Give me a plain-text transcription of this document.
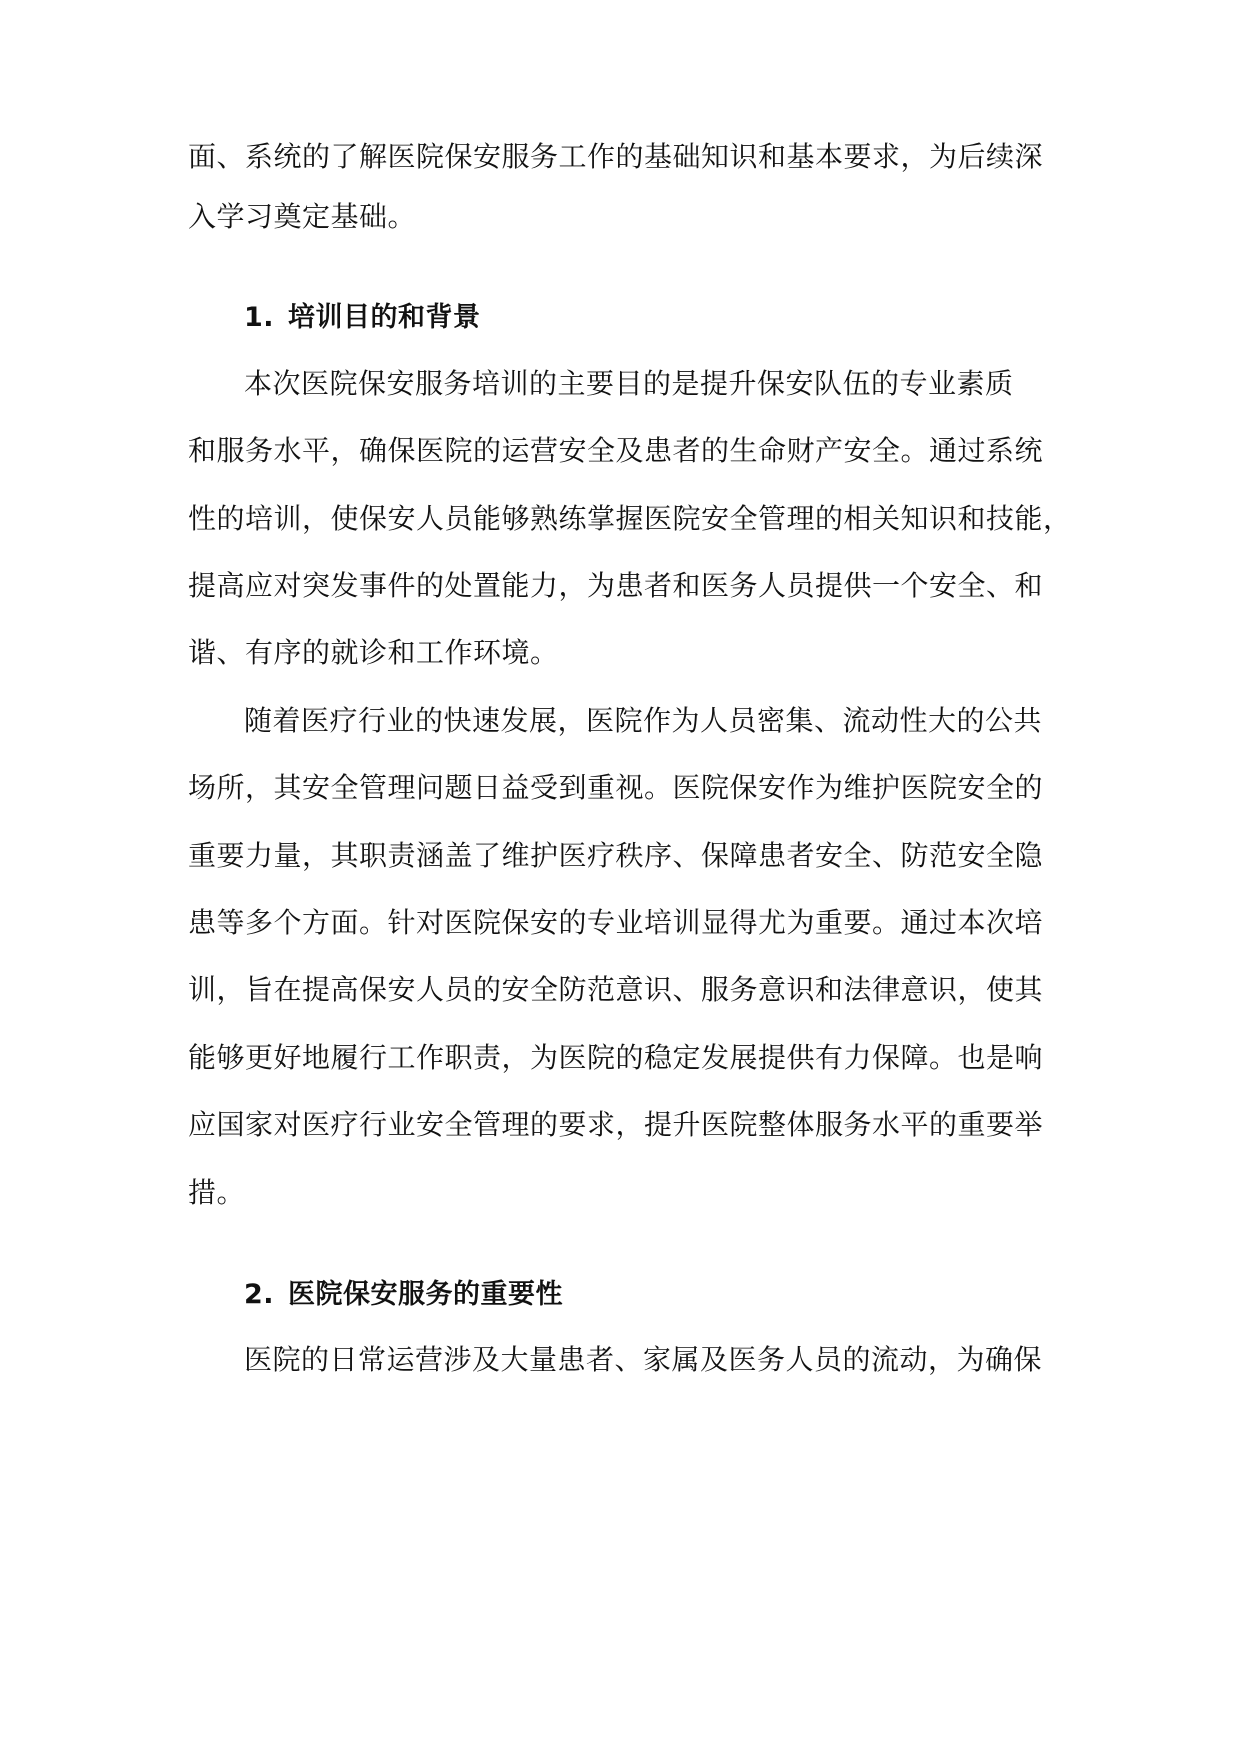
面、系统的了解医院保安服务工作的基础知识和基本要求，为后续深
入学习奠定基础。
1. 培训目的和背景
本次医院保安服务培训的主要目的是提升保安队伍的专业素质
和服务水平，确保医院的运营安全及患者的生命财产安全。通过系统
性的培训，使保安人员能够熟练掌握医院安全管理的相关知识和技能，
提高应对突发事件的处置能力，为患者和医务人员提供一个安全、和
谐、有序的就诊和工作环境。
随着医疗行业的快速发展，医院作为人员密集、流动性大的公共
场所，其安全管理问题日益受到重视。医院保安作为维护医院安全的
重要力量，其职责涵盖了维护医疗秩序、保障患者安全、防范安全隐
患等多个方面。针对医院保安的专业培训显得尤为重要。通过本次培
训，旨在提高保安人员的安全防范意识、服务意识和法律意识，使其
能够更好地履行工作职责，为医院的稳定发展提供有力保障。也是响
应国家对医疗行业安全管理的要求，提升医院整体服务水平的重要举
措。
2. 医院保安服务的重要性
医院的日常运营涉及大量患者、家属及医务人员的流动，为确保
